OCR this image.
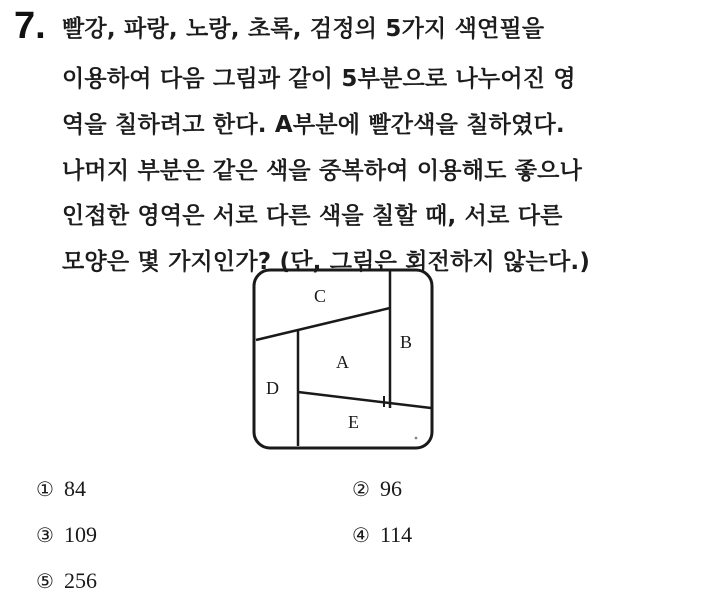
7. 빨강, 파랑, 노랑, 초록, 검정의 5가지 색연필을
이용하여 다음 그림과 같이 5부분으로 나누어진 영
역을 칠하려고 한다. A부분에 빨간색을 칠하였다.
나머지 부분은 같은 색을 중복하여 이용해도 좋으나
인접한 영역은 서로 다른 색을 칠할 때, 서로 다른
모양은 몇 가지인가? (단, 그림은 회전하지 않는다.)
C
B
A
D
E
① 84	② 96
③ 109	④ 114
⑤ 256
